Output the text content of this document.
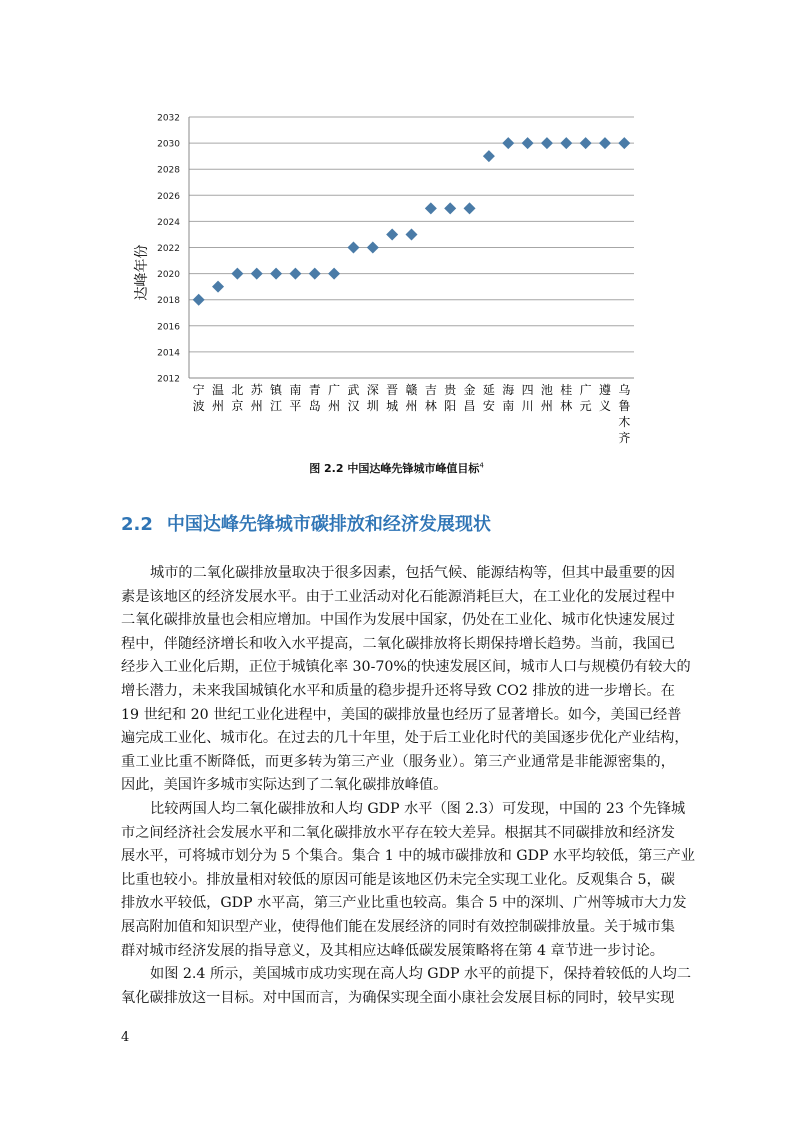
2012
2014
2016
2018
2020
2022
2024
2026
2028
2030
2032
达峰年份
宁
波
温
州
北
京
苏
州
镇
江
南
平
青
岛
广
州
武
汉
深
圳
晋
城
赣
州
吉
林
贵
阳
金
昌
延
安
海
南
四
川
池
州
桂
林
广
元
遵
义
乌
鲁
木
齐
图 2.2 中国达峰先锋城市峰值目标$^4$
2.2 中国达峰先锋城市碳排放和经济发展现状
城市的二氧化碳排放量取决于很多因素，包括气候、能源结构等，但其中最重要的因
素是该地区的经济发展水平。由于工业活动对化石能源消耗巨大，在工业化的发展过程中
二氧化碳排放量也会相应增加。中国作为发展中国家，仍处在工业化、城市化快速发展过
程中，伴随经济增长和收入水平提高，二氧化碳排放将长期保持增长趋势。当前，我国已
经步入工业化后期，正位于城镇化率 30-70%的快速发展区间，城市人口与规模仍有较大的
增长潜力，未来我国城镇化水平和质量的稳步提升还将导致 CO2 排放的进一步增长。在
19 世纪和 20 世纪工业化进程中，美国的碳排放量也经历了显著增长。如今，美国已经普
遍完成工业化、城市化。在过去的几十年里，处于后工业化时代的美国逐步优化产业结构，
重工业比重不断降低，而更多转为第三产业（服务业）。第三产业通常是非能源密集的，
因此，美国许多城市实际达到了二氧化碳排放峰值。
比较两国人均二氧化碳排放和人均 GDP 水平（图 2.3）可发现，中国的 23 个先锋城
市之间经济社会发展水平和二氧化碳排放水平存在较大差异。根据其不同碳排放和经济发
展水平，可将城市划分为 5 个集合。集合 1 中的城市碳排放和 GDP 水平均较低，第三产业
比重也较小。排放量相对较低的原因可能是该地区仍未完全实现工业化。反观集合 5，碳
排放水平较低，GDP 水平高，第三产业比重也较高。集合 5 中的深圳、广州等城市大力发
展高附加值和知识型产业，使得他们能在发展经济的同时有效控制碳排放量。关于城市集
群对城市经济发展的指导意义，及其相应达峰低碳发展策略将在第 4 章节进一步讨论。
如图 2.4 所示，美国城市成功实现在高人均 GDP 水平的前提下，保持着较低的人均二
氧化碳排放这一目标。对中国而言，为确保实现全面小康社会发展目标的同时，较早实现
4
